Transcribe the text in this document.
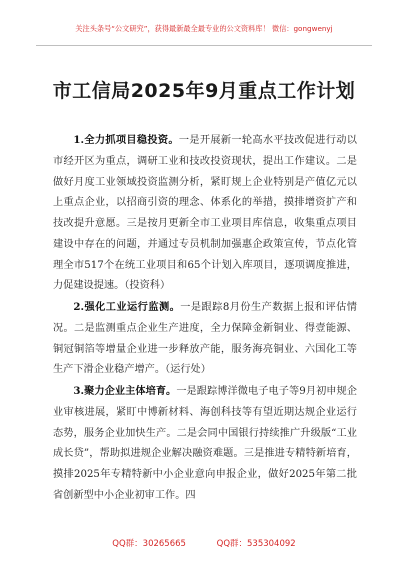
关注头条号“公文研究”，获得最新最全最专业的公文资料库！ 微信：gongwenyj
市工信局2025年9月重点工作计划

1.全力抓项目稳投资。一是开展新一轮高水平技改促进行动以市经开区为重点，调研工业和技改投资现状，提出工作建议。二是做好月度工业领域投资监测分析，紧盯规上企业特别是产值亿元以上重点企业，以招商引资的理念、体系化的举措，摸排增资扩产和技改提升意愿。三是按月更新全市工业项目库信息，收集重点项目建设中存在的问题，并通过专员机制加强惠企政策宣传，节点化管理全市517个在统工业项目和65个计划入库项目，逐项调度推进，力促建设提速。（投资科）

2.强化工业运行监测。一是跟踪8月份生产数据上报和评估情况。二是监测重点企业生产进度，全力保障金新铜业、得壹能源、铜冠铜箔等增量企业进一步释放产能，服务海亮铜业、六国化工等生产下滑企业稳产增产。（运行处）

3.聚力企业主体培育。一是跟踪博洋微电子电子等9月初申规企业审核进展，紧盯中博新材料、海创科技等有望近期达规企业运行态势，服务企业加快生产。二是会同中国银行持续推广升级版“工业成长贷”，帮助拟进规企业解决融资难题。三是推进专精特新培育，摸排2025年专精特新中小企业意向申报企业，做好2025年第二批省创新型中小企业初审工作。四

QQ群：30265665	QQ群：535304092
